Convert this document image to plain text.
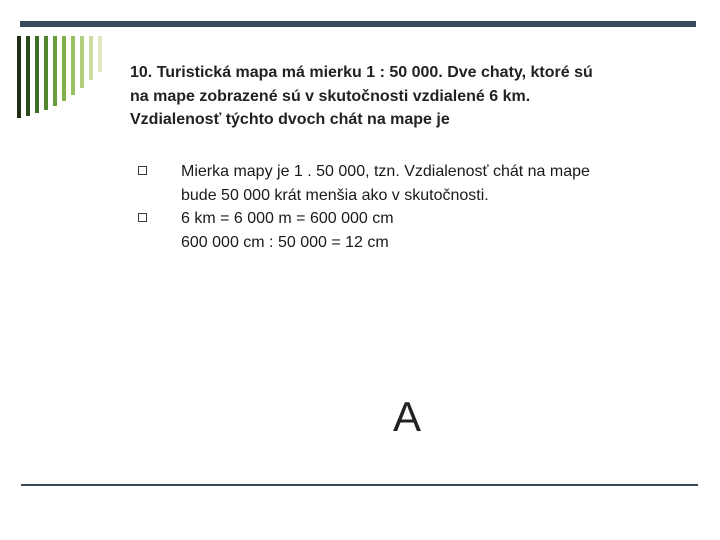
10. Turistická mapa má mierku 1 : 50 000. Dve chaty, ktoré sú
na mape zobrazené sú v skutočnosti vzdialené 6 km.
Vzdialenosť týchto dvoch chát na mape je
Mierka mapy je 1 . 50 000, tzn. Vzdialenosť chát na mape
bude 50 000 krát menšia ako v skutočnosti.
6 km = 6 000 m = 600 000 cm
600 000 cm : 50 000 = 12 cm
A
